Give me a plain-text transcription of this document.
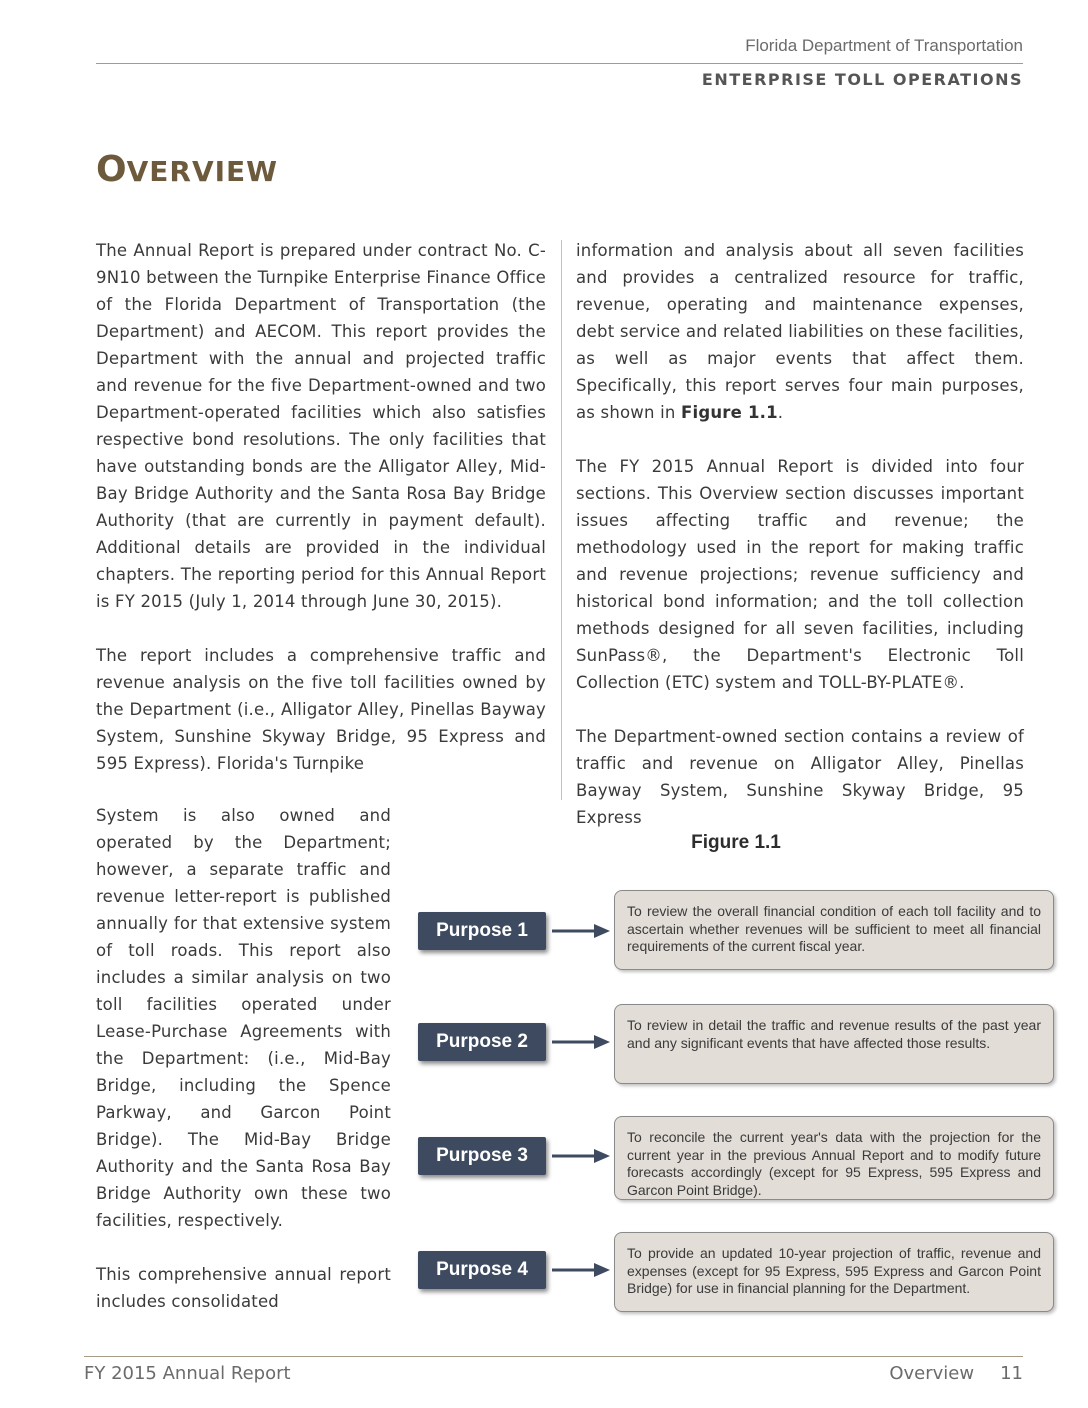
Florida Department of Transportation
ENTERPRISE TOLL OPERATIONS
OVERVIEW

The Annual Report is prepared under contract No. C-9N10 between the Turnpike Enterprise Finance Office of the Florida Department of Transportation (the Department) and AECOM. This report provides the Department with the annual and projected traffic and revenue for the five Department-owned and two Department-operated facilities which also satisfies respective bond resolutions. The only facilities that have outstanding bonds are the Alligator Alley, Mid-Bay Bridge Authority and the Santa Rosa Bay Bridge Authority (that are currently in payment default). Additional details are provided in the individual chapters. The reporting period for this Annual Report is FY 2015 (July 1, 2014 through June 30, 2015).

The report includes a comprehensive traffic and revenue analysis on the five toll facilities owned by the Department (i.e., Alligator Alley, Pinellas Bayway System, Sunshine Skyway Bridge, 95 Express and 595 Express). Florida's Turnpike

System is also owned and operated by the Department; however, a separate traffic and revenue letter-report is published annually for that extensive system of toll roads. This report also includes a similar analysis on two toll facilities operated under Lease-Purchase Agreements with the Department: (i.e., Mid-Bay Bridge, including the Spence Parkway, and Garcon Point Bridge). The Mid-Bay Bridge Authority and the Santa Rosa Bay Bridge Authority own these two facilities, respectively.

This comprehensive annual report includes consolidated

information and analysis about all seven facilities and provides a centralized resource for traffic, revenue, operating and maintenance expenses, debt service and related liabilities on these facilities, as well as major events that affect them. Specifically, this report serves four main purposes, as shown in Figure 1.1.

The FY 2015 Annual Report is divided into four sections. This Overview section discusses important issues affecting traffic and revenue; the methodology used in the report for making traffic and revenue projections; revenue sufficiency and historical bond information; and the toll collection methods designed for all seven facilities, including SunPass®, the Department's Electronic Toll Collection (ETC) system and TOLL-BY-PLATE®.

The Department-owned section contains a review of traffic and revenue on Alligator Alley, Pinellas Bayway System, Sunshine Skyway Bridge, 95 Express

Figure 1.1
Purpose 1
To review the overall financial condition of each toll facility and to ascertain whether revenues will be sufficient to meet all financial requirements of the current fiscal year.
Purpose 2
To review in detail the traffic and revenue results of the past year and any significant events that have affected those results.
Purpose 3
To reconcile the current year's data with the projection for the current year in the previous Annual Report and to modify future forecasts accordingly (except for 95 Express, 595 Express and Garcon Point Bridge).
Purpose 4
To provide an updated 10-year projection of traffic, revenue and expenses (except for 95 Express, 595 Express and Garcon Point Bridge) for use in financial planning for the Department.
FY 2015 Annual Report	Overview 11
